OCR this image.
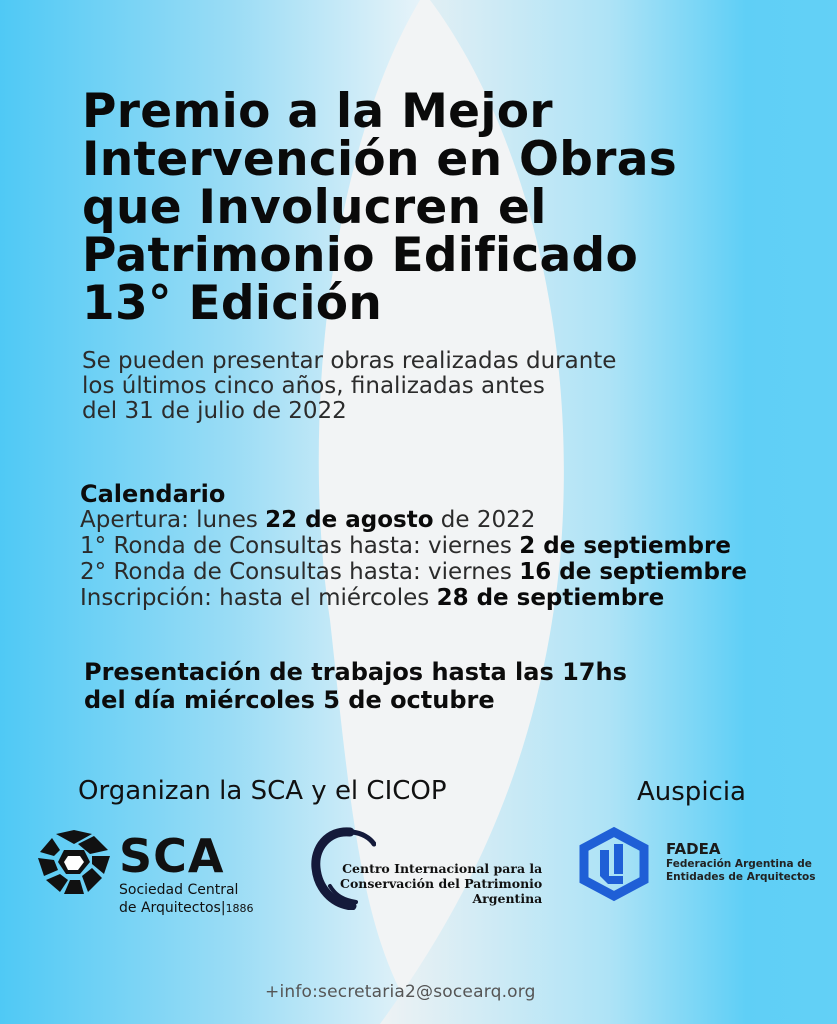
Premio a la Mejor
Intervención en Obras
que Involucren el
Patrimonio Edificado
13° Edición
Se pueden presentar obras realizadas durante
los últimos cinco años, finalizadas antes
del 31 de julio de 2022
Calendario
Apertura: lunes 22 de agosto de 2022
1° Ronda de Consultas hasta: viernes 2 de septiembre
2° Ronda de Consultas hasta: viernes 16 de septiembre
Inscripción: hasta el miércoles 28 de septiembre
Presentación de trabajos hasta las 17hs
del día miércoles 5 de octubre
Organizan la SCA y el CICOP	Auspicia
SCA
Sociedad Central
de Arquitectos|1886
Centro Internacional para la
Conservación del Patrimonio
Argentina
FADEA
Federación Argentina de
Entidades de Arquitectos
+info:secretaria2@socearq.org
